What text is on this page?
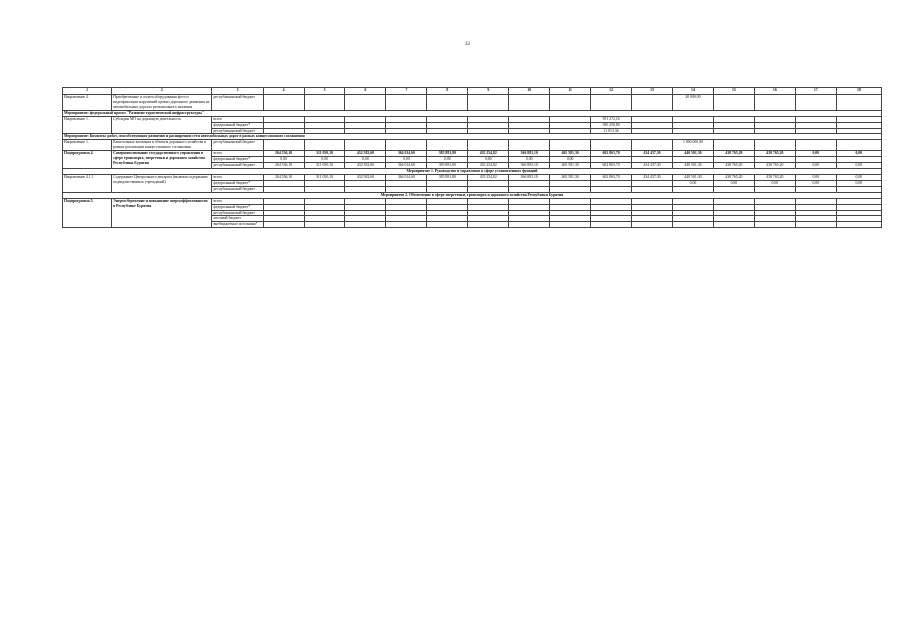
32
1	2	3	4	5	6	7	8	9	10	11	12	13	14	15	16	17	18
Направление 4.	Приобретенные и оплата оборудования фото и видеофиксации нарушений правил дорожного движения на автомобильных дорогах регионального значения	республиканский бюджет											20 000,00				
Мероприятие: федеральный проект "Развитие туристической инфраструктуры"																	
Направление 1.	Субсидии МО на дорожную деятельность	всего									591 272,16						
		федеральный бюджет*									580 258,80						
		республиканский бюджет									11 013,36						
Мероприятие: Комплекс работ, способствующих развитию и расширению сети автомобильных дорог в рамках концессионного соглашения																	
Направление 1.	Капитальные вложения в объекты дорожного хозяйства в рамках реализации концессионного соглашения	республиканский бюджет											1 800 000,00				
Подпрограмма 4.	Совершенствование государственного управления в сфере транспорта, энергетики и дорожного хозяйства Республики Бурятия	всего	264 536,10	311 050,10	432 582,60	364 014,60	385 881,80	435 254,82	366 883,10	465 581,30	602 863,70	434 437,30	440 501,30	438 765,20	438 765,20	0,00	0,00
		федеральный бюджет*	0,00	0,00	0,00	0,00	0,00	0,00	0,00	0,00							
		республиканский бюджет	264 536,10	311 050,10	432 582,60	364 014,60	385 881,80	435 254,82	366 883,10	465 581,30	602 863,70	434 437,30	440 501,30	438 765,20	438 765,20	0,00	0,00
Мероприятие 1. Руководство и управление в сфере установленных функций																	
Направление 4.1.1	Содержание Центрального аппарата (включая содержание подведомственных учреждений)	всего	264 536,10	311 050,10	432 582,60	364 014,60	385 881,80	435 254,82	366 883,10	465 581,30	602 863,70	434 437,30	440 501,30	438 765,20	438 765,20	0,00	0,00
		федеральный бюджет*											0,00	0,00	0,00	0,00	0,00
		республиканский бюджет															
Мероприятие 2. Обеспечение в сфере энергетики, транспорта и дорожного хозяйства Республики Бурятия																	
Подпрограмма 5.	Энергосбережение и повышение энергоэффективности в Республике Бурятия	всего															
		федеральный бюджет*															
		республиканский бюджет															
		местный бюджет															
		внебюджетные источники*															
